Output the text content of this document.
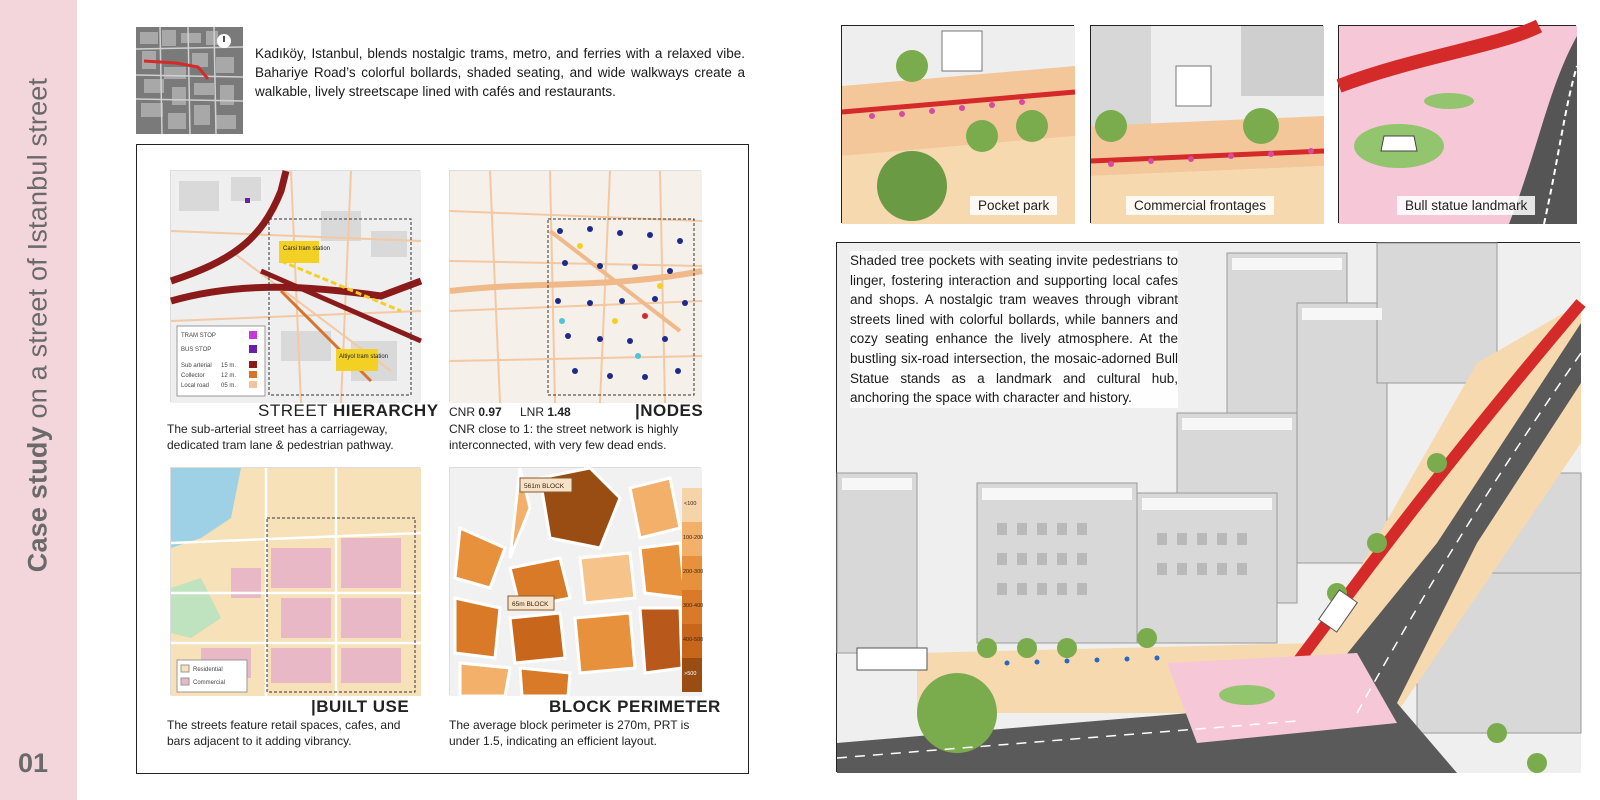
Case study on a street of Istanbul street
01
Kadıköy, Istanbul, blends nostalgic trams, metro, and ferries with a relaxed vibe. Bahariye Road’s colorful bollards, shaded seating, and wide walkways create a walkable, lively streetscape lined with cafés and restaurants.
Carsi tram station
Altiyol tram station
TRAM STOP
BUS STOP
Sub arterial 15 m.
Collector	12 m.
Local road 05 m.
STREET HIERARCHY
The sub-arterial street has a carriageway, dedicated tram lane & pedestrian pathway.
CNR 0.97 LNR 1.48	|NODES
CNR close to 1: the street network is highly interconnected, with very few dead ends.
Residential
Commercial
|BUILT USE
The streets feature retail spaces, cafes, and bars adjacent to it adding vibrancy.
561m BLOCK
65m BLOCK
<100
100-200
200-300
300-400
400-500
>500
BLOCK PERIMETER
The average block perimeter is 270m, PRT is under 1.5, indicating an efficient layout.
Pocket park	Commercial frontages	Bull statue landmark
Shaded tree pockets with seating invite pedestrians to linger, fostering interaction and supporting local cafes and shops. A nostalgic tram weaves through vibrant streets lined with colorful bollards, while banners and cozy seating enhance the lively atmosphere. At the bustling six-road intersection, the mosaic-adorned Bull Statue stands as a landmark and cultural hub, anchoring the space with character and history.
